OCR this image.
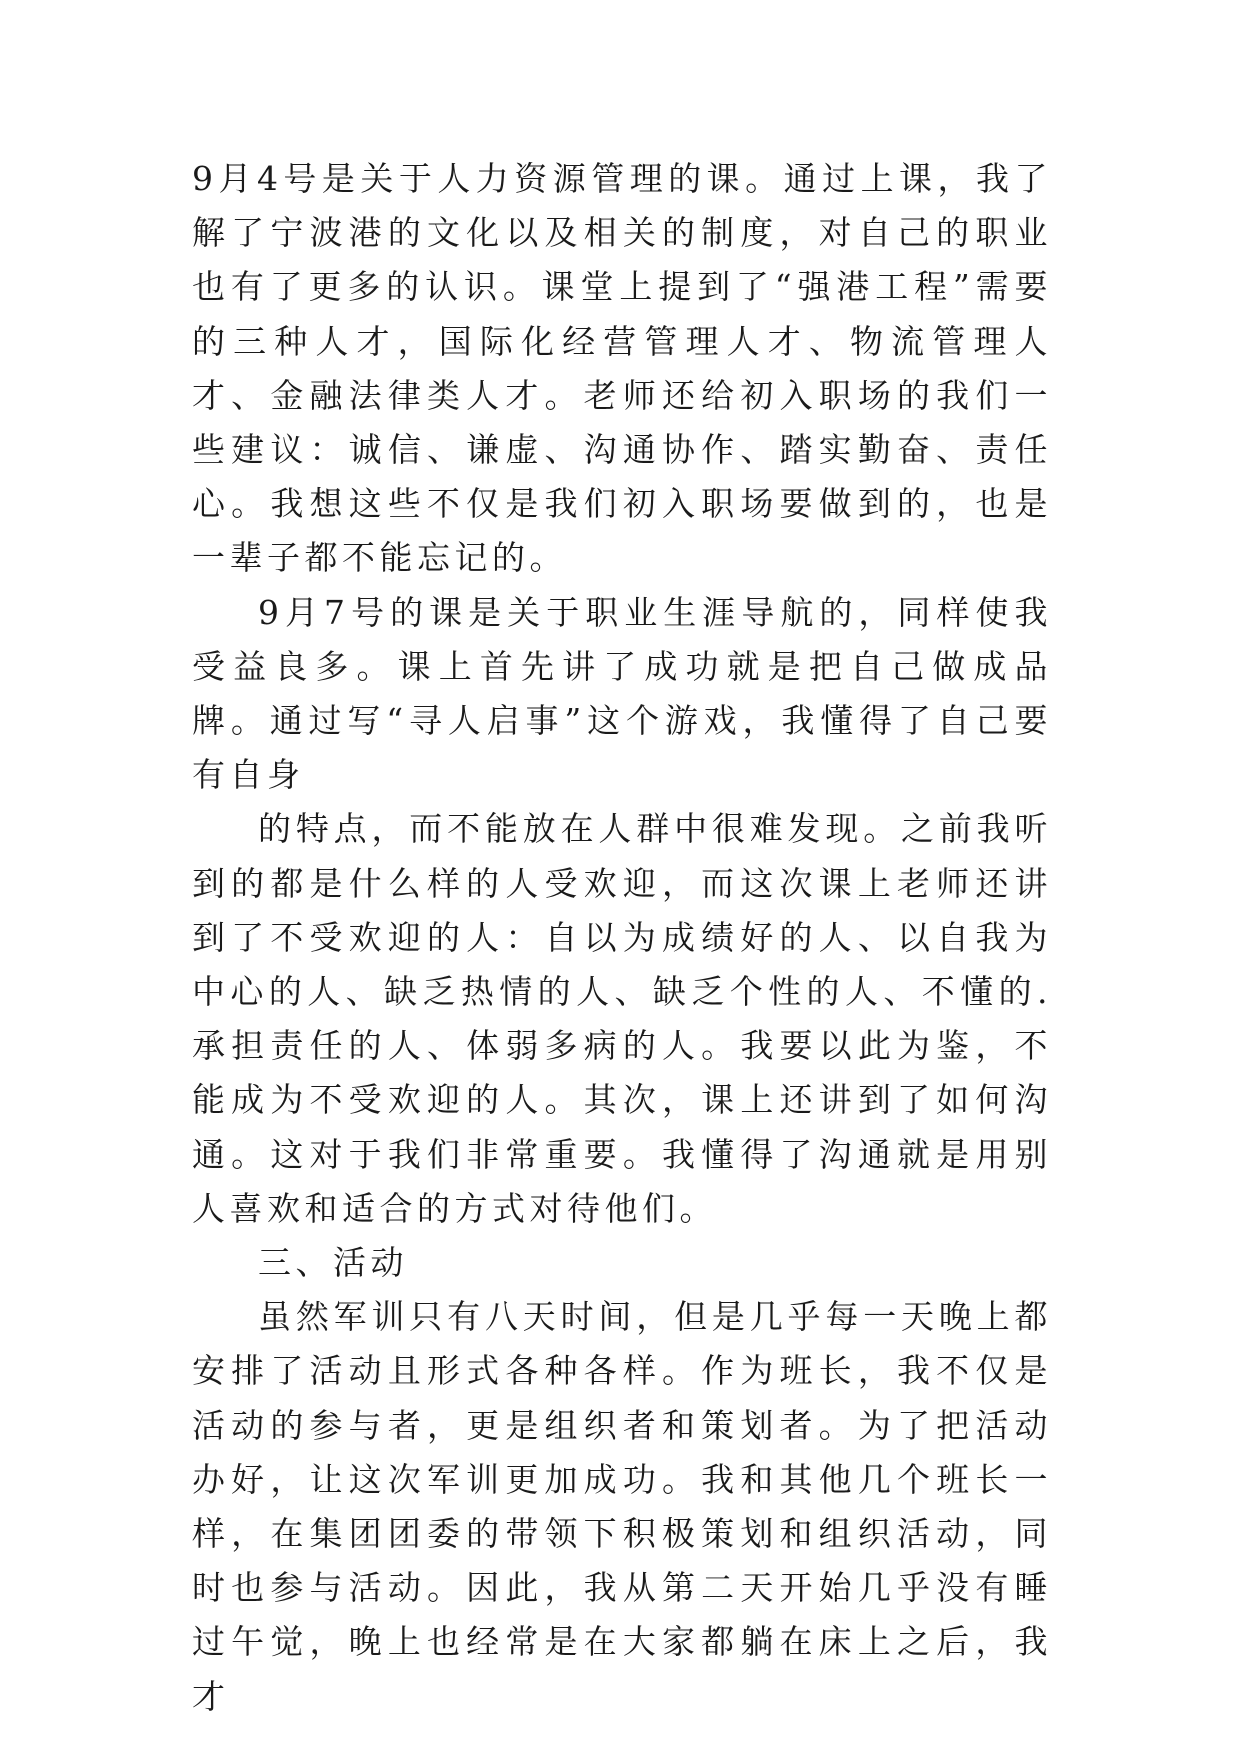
9月4号是关于人力资源管理的课。通过上课，我了解了宁波港的文化以及相关的制度，对自己的职业也有了更多的认识。课堂上提到了“强港工程”需要的三种人才，国际化经营管理人才、物流管理人才、金融法律类人才。老师还给初入职场的我们一些建议：诚信、谦虚、沟通协作、踏实勤奋、责任心。我想这些不仅是我们初入职场要做到的，也是一辈子都不能忘记的。

9月7号的课是关于职业生涯导航的，同样使我受益良多。课上首先讲了成功就是把自己做成品牌。通过写“寻人启事”这个游戏，我懂得了自己要有自身

的特点，而不能放在人群中很难发现。之前我听到的都是什么样的人受欢迎，而这次课上老师还讲到了不受欢迎的人：自以为成绩好的人、以自我为中心的人、缺乏热情的人、缺乏个性的人、不懂的.承担责任的人、体弱多病的人。我要以此为鉴，不能成为不受欢迎的人。其次，课上还讲到了如何沟通。这对于我们非常重要。我懂得了沟通就是用别人喜欢和适合的方式对待他们。

三、活动

虽然军训只有八天时间，但是几乎每一天晚上都安排了活动且形式各种各样。作为班长，我不仅是活动的参与者，更是组织者和策划者。为了把活动办好，让这次军训更加成功。我和其他几个班长一样，在集团团委的带领下积极策划和组织活动，同时也参与活动。因此，我从第二天开始几乎没有睡过午觉，晚上也经常是在大家都躺在床上之后，我才
